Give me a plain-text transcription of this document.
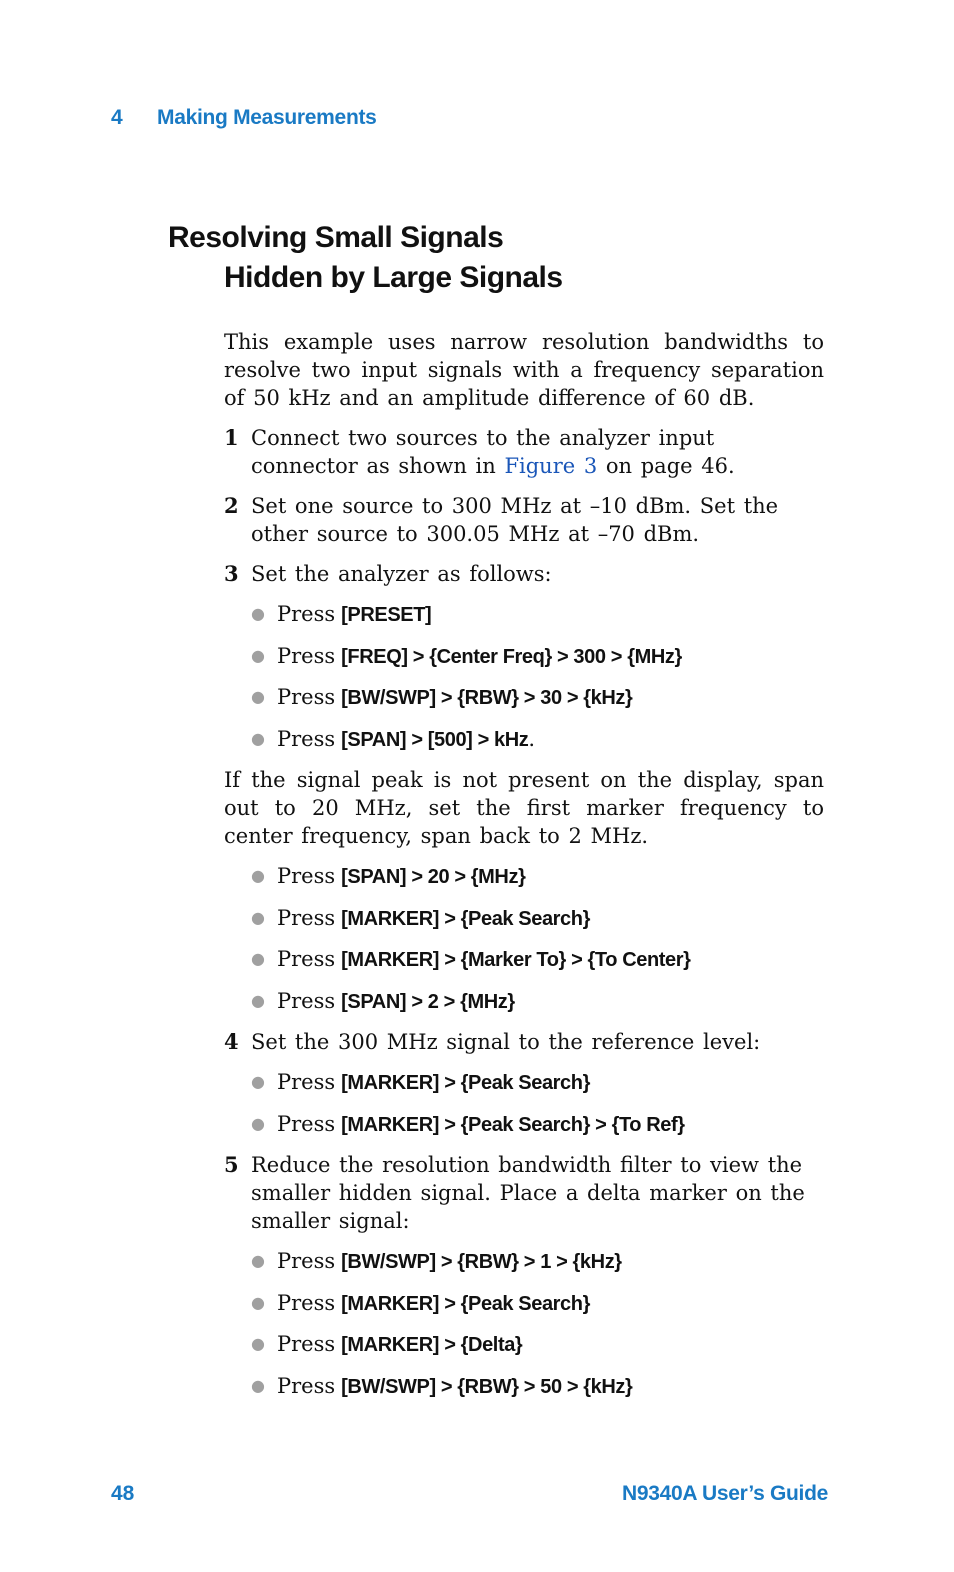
4 Making Measurements
Resolving Small Signals
Hidden by Large Signals

This example uses narrow resolution bandwidths to resolve two input signals with a frequency separation of 50 kHz and an amplitude difference of 60 dB.

1 Connect two sources to the analyzer input connector as shown in Figure 3 on page 46.
2 Set one source to 300 MHz at –10 dBm. Set the other source to 300.05 MHz at –70 dBm.
3 Set the analyzer as follows:
● Press [PRESET]
● Press [FREQ] > {Center Freq} > 300 > {MHz}
● Press [BW/SWP] > {RBW} > 30 > {kHz}
● Press [SPAN] > [500] > kHz.

If the signal peak is not present on the display, span out to 20 MHz, set the first marker frequency to center frequency, span back to 2 MHz.

● Press [SPAN] > 20 > {MHz}
● Press [MARKER] > {Peak Search}
● Press [MARKER] > {Marker To} > {To Center}
● Press [SPAN] > 2 > {MHz}
4 Set the 300 MHz signal to the reference level:
● Press [MARKER] > {Peak Search}
● Press [MARKER] > {Peak Search} > {To Ref}
5 Reduce the resolution bandwidth filter to view the smaller hidden signal. Place a delta marker on the smaller signal:
● Press [BW/SWP] > {RBW} > 1 > {kHz}
● Press [MARKER] > {Peak Search}
● Press [MARKER] > {Delta}
● Press [BW/SWP] > {RBW} > 50 > {kHz}
48	N9340A User’s Guide
